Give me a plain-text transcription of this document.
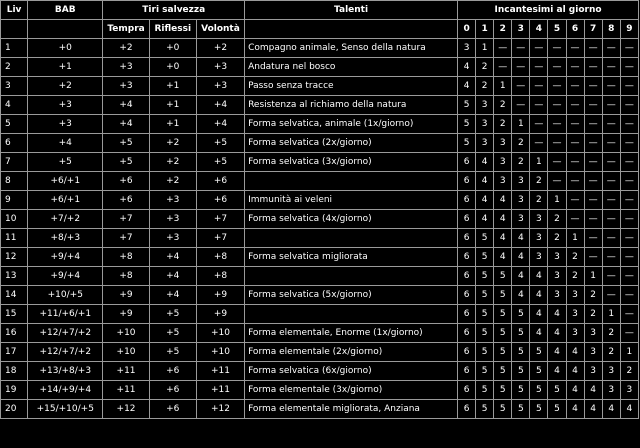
Liv	BAB	Tiri salvezza			Talenti	Incantesimi al giorno									
		Tempra	Riflessi	Volontà		0	1	2	3	4	5	6	7	8	9
1	+0	+2	+0	+2	Compagno animale, Senso della natura	3	1	—	—	—	—	—	—	—	—
2	+1	+3	+0	+3	Andatura nel bosco	4	2	—	—	—	—	—	—	—	—
3	+2	+3	+1	+3	Passo senza tracce	4	2	1	—	—	—	—	—	—	—
4	+3	+4	+1	+4	Resistenza al richiamo della natura	5	3	2	—	—	—	—	—	—	—
5	+3	+4	+1	+4	Forma selvatica, animale (1x/giorno)	5	3	2	1	—	—	—	—	—	—
6	+4	+5	+2	+5	Forma selvatica (2x/giorno)	5	3	3	2	—	—	—	—	—	—
7	+5	+5	+2	+5	Forma selvatica (3x/giorno)	6	4	3	2	1	—	—	—	—	—
8	+6/+1	+6	+2	+6		6	4	3	3	2	—	—	—	—	—
9	+6/+1	+6	+3	+6	Immunità ai veleni	6	4	4	3	2	1	—	—	—	—
10	+7/+2	+7	+3	+7	Forma selvatica (4x/giorno)	6	4	4	3	3	2	—	—	—	—
11	+8/+3	+7	+3	+7		6	5	4	4	3	2	1	—	—	—
12	+9/+4	+8	+4	+8	Forma selvatica migliorata	6	5	4	4	3	3	2	—	—	—
13	+9/+4	+8	+4	+8		6	5	5	4	4	3	2	1	—	—
14	+10/+5	+9	+4	+9	Forma selvatica (5x/giorno)	6	5	5	4	4	3	3	2	—	—
15	+11/+6/+1	+9	+5	+9		6	5	5	5	4	4	3	2	1	—
16	+12/+7/+2	+10	+5	+10	Forma elementale, Enorme (1x/giorno)	6	5	5	5	4	4	3	3	2	—
17	+12/+7/+2	+10	+5	+10	Forma elementale (2x/giorno)	6	5	5	5	5	4	4	3	2	1
18	+13/+8/+3	+11	+6	+11	Forma selvatica (6x/giorno)	6	5	5	5	5	4	4	3	3	2
19	+14/+9/+4	+11	+6	+11	Forma elementale (3x/giorno)	6	5	5	5	5	5	4	4	3	3
20	+15/+10/+5	+12	+6	+12	Forma elementale migliorata, Anziana	6	5	5	5	5	5	4	4	4	4
